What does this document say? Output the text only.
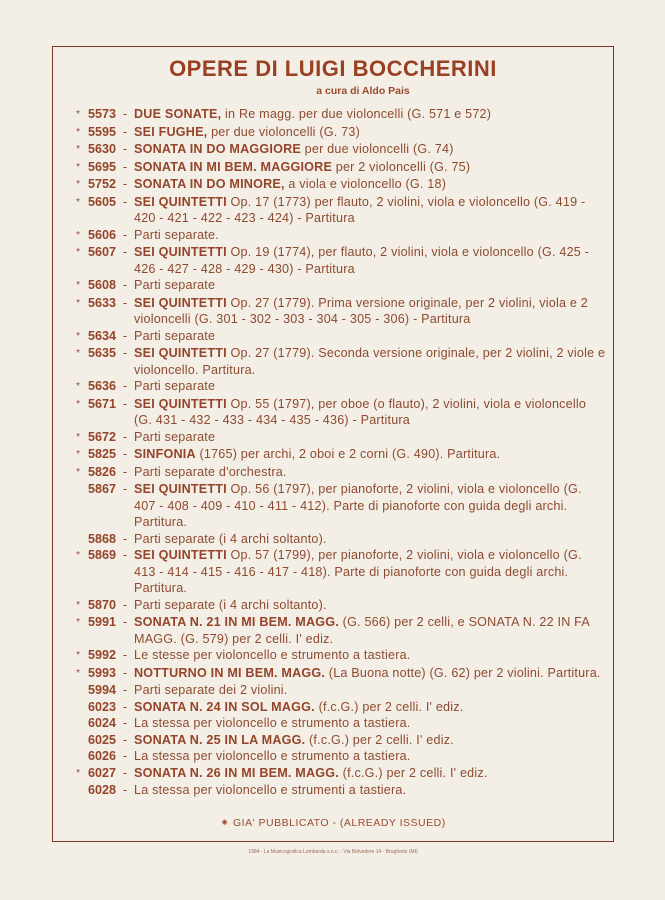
OPERE DI LUIGI BOCCHERINI
a cura di Aldo Pais
* 5573 - DUE SONATE, in Re magg. per due violoncelli (G. 571 e 572)
* 5595 - SEI FUGHE, per due violoncelli (G. 73)
* 5630 - SONATA IN DO MAGGIORE per due violoncelli (G. 74)
* 5695 - SONATA IN MI BEM. MAGGIORE per 2 violoncelli (G. 75)
* 5752 - SONATA IN DO MINORE, a viola e violoncello (G. 18)
* 5605 - SEI QUINTETTI Op. 17 (1773) per flauto, 2 violini, viola e violoncello (G. 419 - 420 - 421 - 422 - 423 - 424) - Partitura
* 5606 - Parti separate.
* 5607 - SEI QUINTETTI Op. 19 (1774), per flauto, 2 violini, viola e violoncello (G. 425 - 426 - 427 - 428 - 429 - 430) - Partitura
* 5608 - Parti separate
* 5633 - SEI QUINTETTI Op. 27 (1779). Prima versione originale, per 2 violini, viola e 2 violoncelli (G. 301 - 302 - 303 - 304 - 305 - 306) - Partitura
* 5634 - Parti separate
* 5635 - SEI QUINTETTI Op. 27 (1779). Seconda versione originale, per 2 violini, 2 viole e violoncello. Partitura.
* 5636 - Parti separate
* 5671 - SEI QUINTETTI Op. 55 (1797), per oboe (o flauto), 2 violini, viola e violoncello (G. 431 - 432 - 433 - 434 - 435 - 436) - Partitura
* 5672 - Parti separate
* 5825 - SINFONIA (1765) per archi, 2 oboi e 2 corni (G. 490). Partitura.
* 5826 - Parti separate d'orchestra.
5867 - SEI QUINTETTI Op. 56 (1797), per pianoforte, 2 violini, viola e violoncello (G. 407 - 408 - 409 - 410 - 411 - 412). Parte di pianoforte con guida degli archi. Partitura.
5868 - Parti separate (i 4 archi soltanto).
* 5869 - SEI QUINTETTI Op. 57 (1799), per pianoforte, 2 violini, viola e violoncello (G. 413 - 414 - 415 - 416 - 417 - 418). Parte di pianoforte con guida degli archi. Partitura.
* 5870 - Parti separate (i 4 archi soltanto).
* 5991 - SONATA N. 21 IN MI BEM. MAGG. (G. 566) per 2 celli, e SONATA N. 22 IN FA MAGG. (G. 579) per 2 celli. I' ediz.
* 5992 - Le stesse per violoncello e strumento a tastiera.
* 5993 - NOTTURNO IN MI BEM. MAGG. (La Buona notte) (G. 62) per 2 violini. Partitura.
5994 - Parti separate dei 2 violini.
6023 - SONATA N. 24 IN SOL MAGG. (f.c.G.) per 2 celli. I' ediz.
6024 - La stessa per violoncello e strumento a tastiera.
6025 - SONATA N. 25 IN LA MAGG. (f.c.G.) per 2 celli. I' ediz.
6026 - La stessa per violoncello e strumento a tastiera.
* 6027 - SONATA N. 26 IN MI BEM. MAGG. (f.c.G.) per 2 celli. I' ediz.
6028 - La stessa per violoncello e strumenti a tastiera.
⁕ GIA' PUBBLICATO - (ALREADY ISSUED)
1984 · La Musicografica Lombarda s.n.c. · Via Belvedere 14 · Brugherio (MI)
